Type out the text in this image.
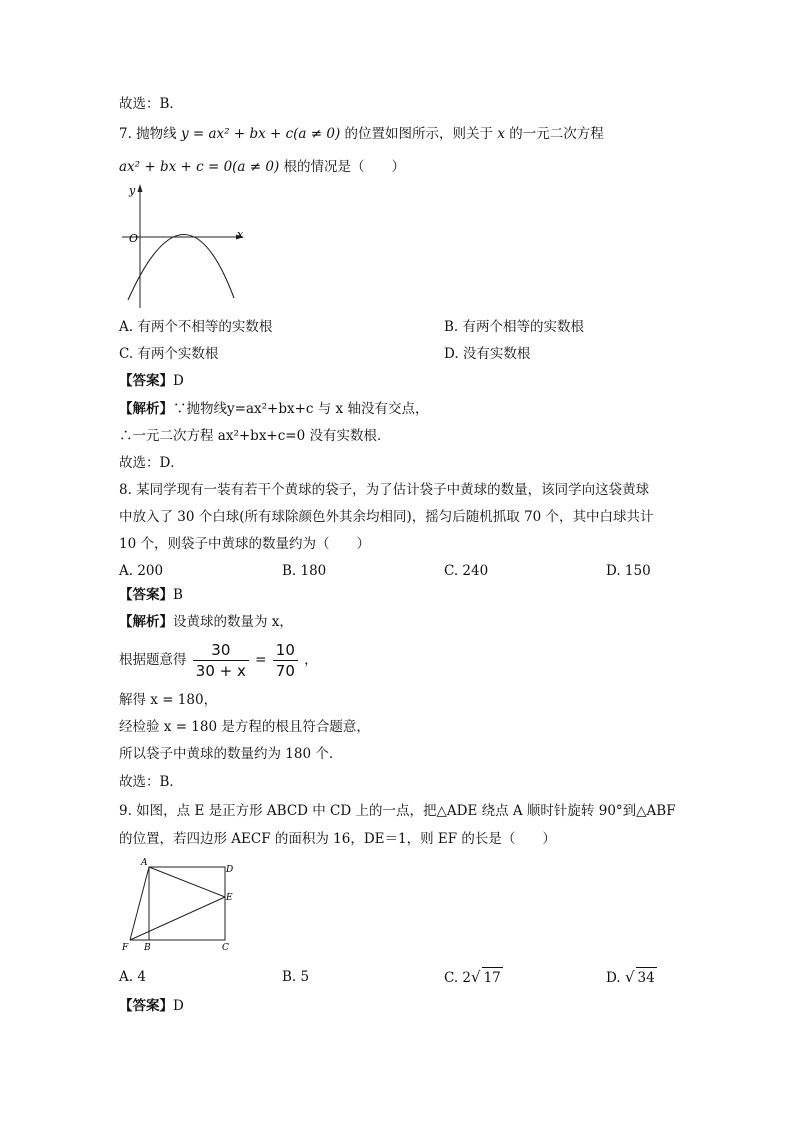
故选：B．
7. 抛物线 y = ax² + bx + c(a ≠ 0) 的位置如图所示，则关于 x 的一元二次方程
ax² + bx + c = 0(a ≠ 0) 根的情况是（　　）
y
x
O
A. 有两个不相等的实数根	B. 有两个相等的实数根
C. 有两个实数根	D. 没有实数根
【答案】D
【解析】∵抛物线y=ax²+bx+c 与 x 轴没有交点，
∴一元二次方程 ax²+bx+c=0 没有实数根．
故选：D．
8. 某同学现有一装有若干个黄球的袋子，为了估计袋子中黄球的数量，该同学向这袋黄球
中放入了 30 个白球(所有球除颜色外其余均相同)，摇匀后随机抓取 70 个，其中白球共计
10 个，则袋子中黄球的数量约为（　　）
A. 200	B. 180	C. 240	D. 150
【答案】B
【解析】设黄球的数量为 x，
根据题意得 $\frac{30}{30 + x} = \frac{10}{70}$ ，
解得 x = 180，
经检验 x = 180 是方程的根且符合题意，
所以袋子中黄球的数量约为 180 个.
故选：B．
9. 如图，点 E 是正方形 ABCD 中 CD 上的一点，把△ADE 绕点 A 顺时针旋转 90°到△ABF
的位置，若四边形 AECF 的面积为 16，DE＝1，则 EF 的长是（　　）
A
D
E
F B	C
A. 4	B. 5	C. 2√ 17	D. √ 34
【答案】D
